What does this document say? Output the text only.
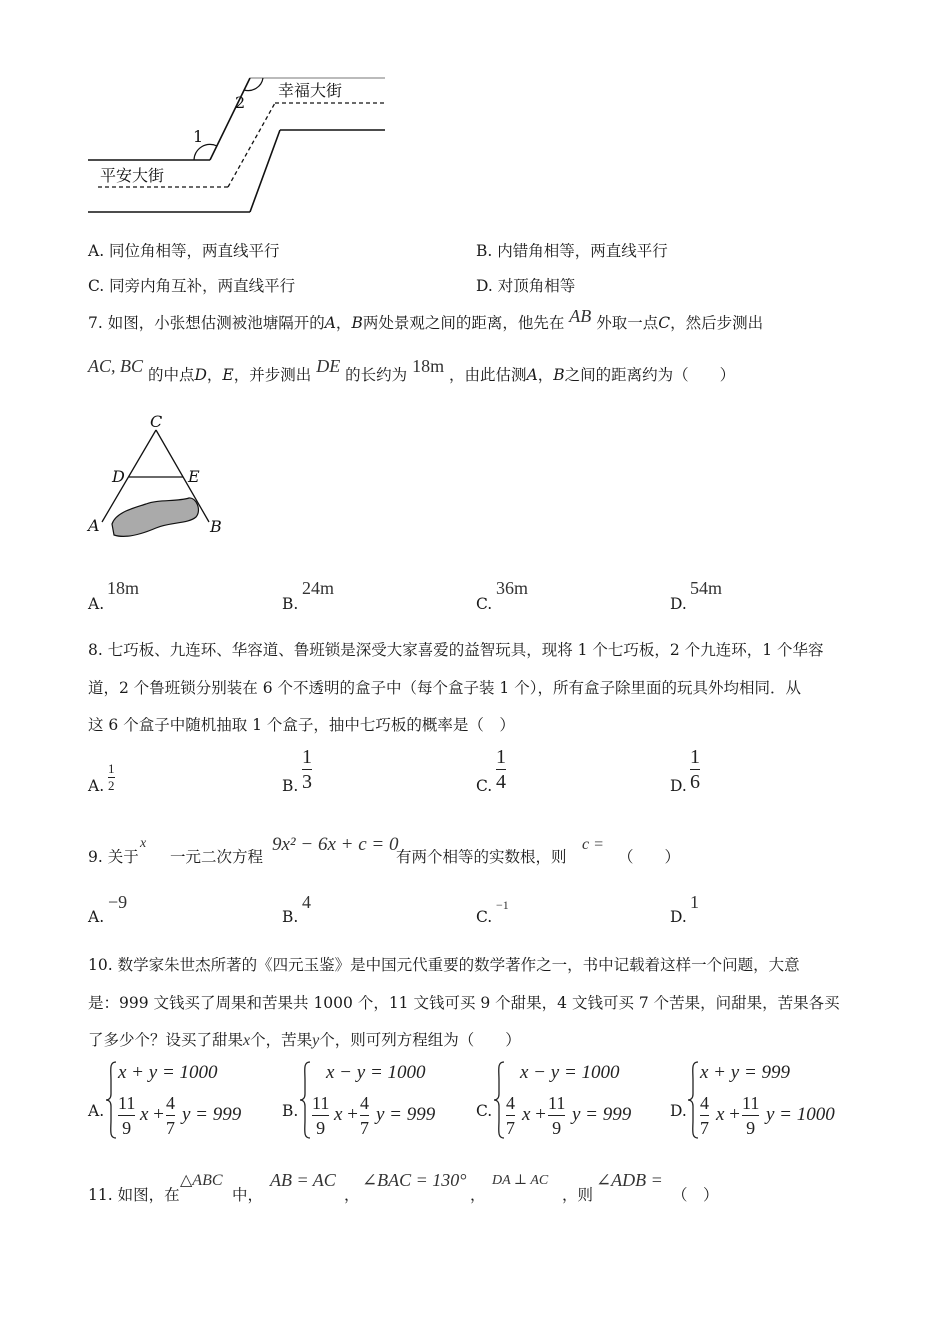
1
2
幸福大街
平安大街
A. 同位角相等，两直线平行	B. 内错角相等，两直线平行
C. 同旁内角互补，两直线平行	D. 对顶角相等
7. 如图，小张想估测被池塘隔开的A，B两处景观之间的距离，他先在 AB 外取一点C，然后步测出
AC, BC 的中点D，E，并步测出 DE 的长约为 18m ，由此估测A，B之间的距离约为（　　）
C
D	E
A	B
A.
18m
B.
24m
C.
36m
D.
54m
8. 七巧板、九连环、华容道、鲁班锁是深受大家喜爱的益智玩具，现将 1 个七巧板，2 个九连环，1 个华容
道，2 个鲁班锁分别装在 6 个不透明的盒子中（每个盒子装 1 个），所有盒子除里面的玩具外均相同．从
这 6 个盒子中随机抽取 1 个盒子，抽中七巧板的概率是（　）
A.
1
2	B.
1
3	C.
1
4	D.
1
6
9. 关于
x
一元二次方程
9x² − 6x + c = 0
有两个相等的实数根，则
c =
（　　）
A.
−9
B.
4
C.
−1
D.
1
10. 数学家朱世杰所著的《四元玉鉴》是中国元代重要的数学著作之一，书中记载着这样一个问题，大意
是：999 文钱买了周果和苦果共 1000 个，11 文钱可买 9 个甜果，4 文钱可买 7 个苦果，问甜果，苦果各买
了多少个？设买了甜果x个，苦果y个，则可列方程组为（　　）
A.
x + y = 1000
11
9
x +
4
7
y = 999	B.
x − y = 1000
11
9
x +
4
7
y = 999	C.
x − y = 1000
4
7
x +
11
9
y = 999 D.
x + y = 999
4
7
x +
11
9
y = 1000
11. 如图，在
△ABC
中，
AB = AC
，
∠BAC = 130°
，
DA ⊥ AC
，则
∠ADB =
（　）
